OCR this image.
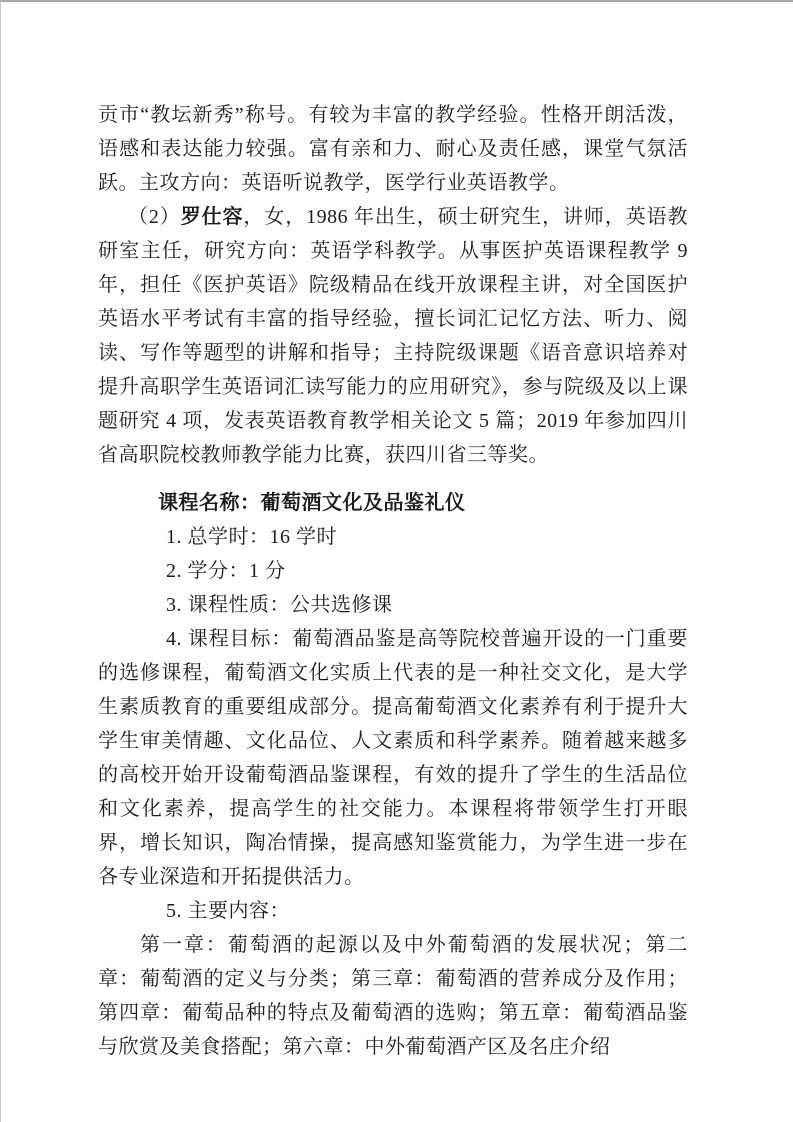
贡市“教坛新秀”称号。有较为丰富的教学经验。性格开朗活泼，语感和表达能力较强。富有亲和力、耐心及责任感，课堂气氛活跃。主攻方向：英语听说教学，医学行业英语教学。

（2）罗仕容，女，1986 年出生，硕士研究生，讲师，英语教研室主任，研究方向：英语学科教学。从事医护英语课程教学 9 年，担任《医护英语》院级精品在线开放课程主讲，对全国医护英语水平考试有丰富的指导经验，擅长词汇记忆方法、听力、阅读、写作等题型的讲解和指导；主持院级课题《语音意识培养对提升高职学生英语词汇读写能力的应用研究》，参与院级及以上课题研究 4 项，发表英语教育教学相关论文 5 篇；2019 年参加四川省高职院校教师教学能力比赛，获四川省三等奖。

课程名称：葡萄酒文化及品鉴礼仪

1. 总学时：16 学时

2. 学分：1 分

3. 课程性质：公共选修课

4. 课程目标：葡萄酒品鉴是高等院校普遍开设的一门重要的选修课程，葡萄酒文化实质上代表的是一种社交文化，是大学生素质教育的重要组成部分。提高葡萄酒文化素养有利于提升大学生审美情趣、文化品位、人文素质和科学素养。随着越来越多的高校开始开设葡萄酒品鉴课程，有效的提升了学生的生活品位和文化素养，提高学生的社交能力。本课程将带领学生打开眼界，增长知识，陶冶情操，提高感知鉴赏能力，为学生进一步在各专业深造和开拓提供活力。

5. 主要内容：

第一章：葡萄酒的起源以及中外葡萄酒的发展状况；第二章：葡萄酒的定义与分类；第三章：葡萄酒的营养成分及作用；第四章：葡萄品种的特点及葡萄酒的选购；第五章：葡萄酒品鉴与欣赏及美食搭配；第六章：中外葡萄酒产区及名庄介绍
